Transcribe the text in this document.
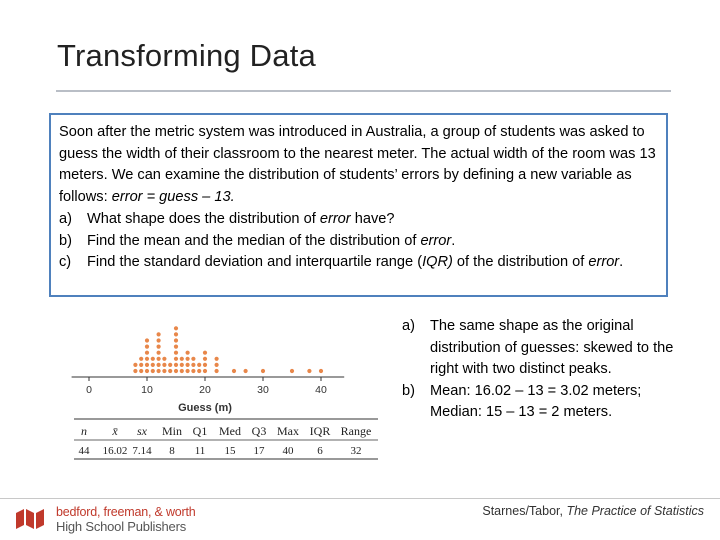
Transforming Data

Soon after the metric system was introduced in Australia, a group of students was asked to guess the width of their classroom to the nearest meter. The actual width of the room was 13 meters. We can examine the distribution of students’ errors by defining a new variable as follows: error = guess – 13.

a)	What shape does the distribution of error have?
b)	Find the mean and the median of the distribution of error.
c)	Find the standard deviation and interquartile range (IQR) of the distribution of error.
0	10	20	30	40
Guess (m)
n x̄ sx Min Q1 Med Q3 Max IQR Range
44 16.02 7.14 8 11 15 17 40 6	32
a)	The same shape as the original distribution of guesses: skewed to the right with two distinct peaks.
b)	Mean: 16.02 – 13 = 3.02 meters; Median: 15 – 13 = 2 meters.
bedford, freeman, & worth
High School Publishers
Starnes/Tabor, The Practice of Statistics
